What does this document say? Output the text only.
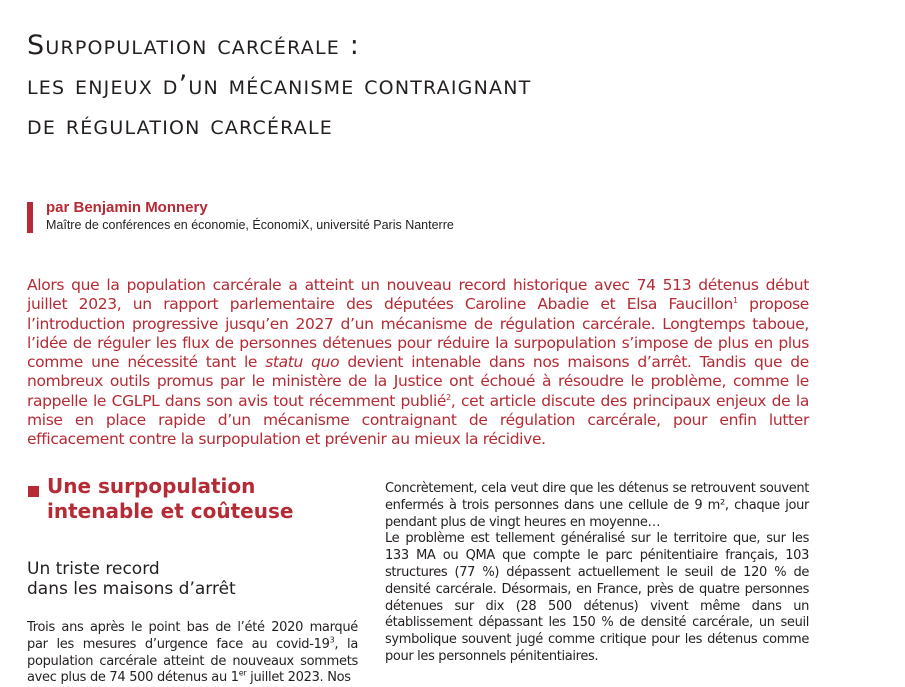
Surpopulation carcérale :
les enjeux d’un mécanisme contraignant
de régulation carcérale
par Benjamin Monnery
Maître de conférences en économie, ÉconomiX, université Paris Nanterre

Alors que la population carcérale a atteint un nouveau record historique avec 74 513 détenus début juillet 2023, un rapport parlementaire des députées Caroline Abadie et Elsa Faucillon$^1$ propose l’introduction progressive jusqu’en 2027 d’un mécanisme de régulation carcérale. Longtemps taboue, l’idée de réguler les flux de personnes détenues pour réduire la surpopulation s’impose de plus en plus comme une nécessité tant le statu quo devient intenable dans nos maisons d’arrêt. Tandis que de nombreux outils promus par le ministère de la Justice ont échoué à résoudre le problème, comme le rappelle le CGLPL dans son avis tout récemment publié$^2$, cet article discute des principaux enjeux de la mise en place rapide d’un mécanisme contraignant de régulation carcérale, pour enfin lutter efficacement contre la surpopulation et prévenir au mieux la récidive.

Une surpopulation
intenable et coûteuse
Un triste record
dans les maisons d’arrêt

Trois ans après le point bas de l’été 2020 marqué par les mesures d’urgence face au covid-$19^3$, la population carcérale atteint de nouveaux sommets avec plus de 74 500 détenus au 1er juillet 2023. Nos

Concrètement, cela veut dire que les détenus se retrouvent souvent enfermés à trois personnes dans une cellule de 9 m², chaque jour pendant plus de vingt heures en moyenne…

Le problème est tellement généralisé sur le territoire que, sur les 133 MA ou QMA que compte le parc pénitentiaire français, 103 structures (77 %) dépassent actuellement le seuil de 120 % de densité carcérale. Désormais, en France, près de quatre personnes détenues sur dix (28 500 détenus) vivent même dans un établissement dépassant les 150 % de densité carcérale, un seuil symbolique souvent jugé comme critique pour les détenus comme pour les personnels pénitentiaires.
